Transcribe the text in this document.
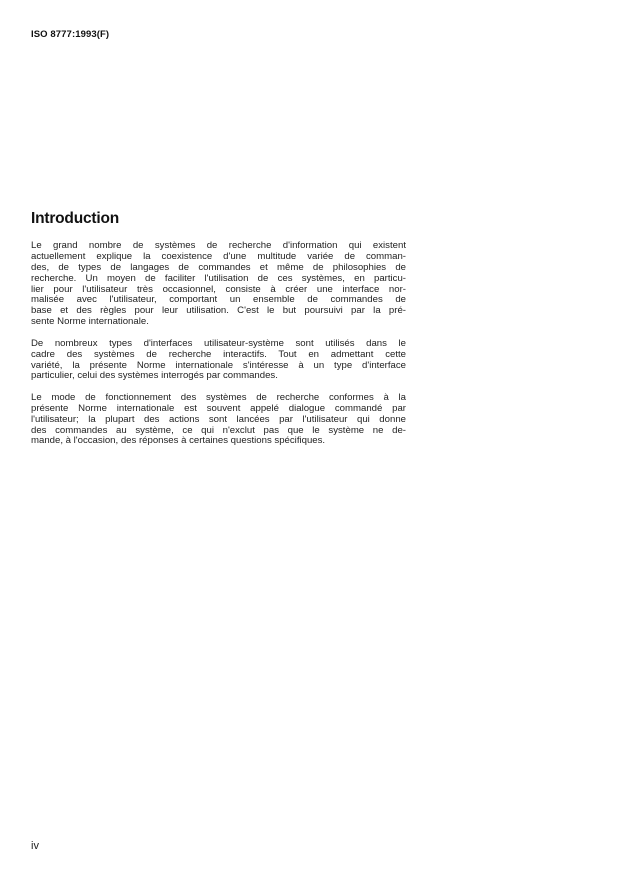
ISO 8777:1993(F)
Introduction
Le grand nombre de systèmes de recherche d'information qui existent
actuellement explique la coexistence d'une multitude variée de comman-
des, de types de langages de commandes et même de philosophies de
recherche. Un moyen de faciliter l'utilisation de ces systèmes, en particu-
lier pour l'utilisateur très occasionnel, consiste à créer une interface nor-
malisée avec l'utilisateur, comportant un ensemble de commandes de
base et des règles pour leur utilisation. C'est le but poursuivi par la pré-
sente Norme internationale.
De nombreux types d'interfaces utilisateur-système sont utilisés dans le
cadre des systèmes de recherche interactifs. Tout en admettant cette
variété, la présente Norme internationale s'intéresse à un type d'interface
particulier, celui des systèmes interrogés par commandes.
Le mode de fonctionnement des systèmes de recherche conformes à la
présente Norme internationale est souvent appelé dialogue commandé par
l'utilisateur; la plupart des actions sont lancées par l'utilisateur qui donne
des commandes au système, ce qui n'exclut pas que le système ne de-
mande, à l'occasion, des réponses à certaines questions spécifiques.
iv
